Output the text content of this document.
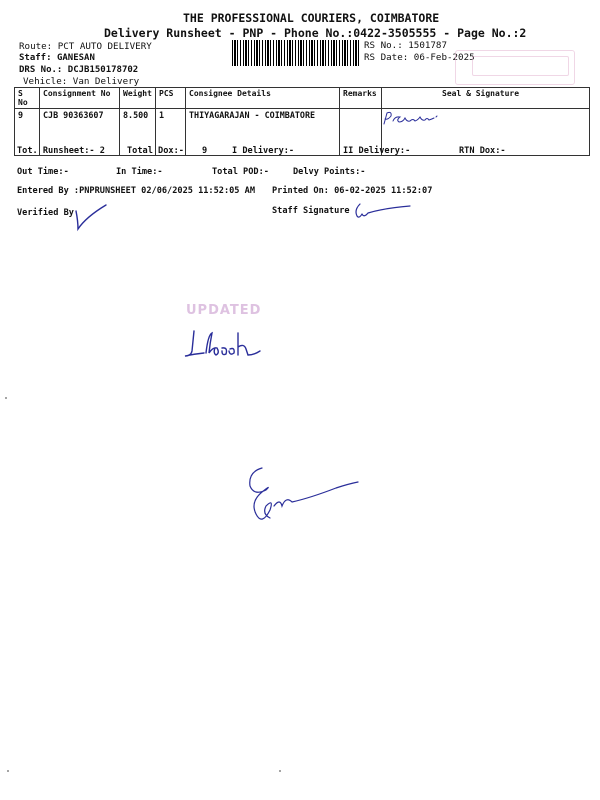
THE PROFESSIONAL COURIERS, COIMBATORE
Delivery Runsheet - PNP - Phone No.:0422-3505555 - Page No.:2
Route: PCT AUTO DELIVERY
Staff: GANESAN
DRS No.: DCJB150178702
Vehicle: Van Delivery
RS No.: 1501787
RS Date: 06-Feb-2025
S No	Consignment No	Weight	PCS	Consignee Details	Remarks	Seal & Signature
9	CJB 90363607	8.500	1	THIYAGARAJAN - COIMBATORE		
Tot. Runsheet:- 2	Total Dox:- 9	I Delivery:-	II Delivery:-	RTN Dox:-
Out Time:-	In Time:-	Total POD:-	Delvy Points:-
Entered By :PNPRUNSHEET 02/06/2025 11:52:05 AM Printed On: 06-02-2025 11:52:07
Verified By	Staff Signature
UPDATED
